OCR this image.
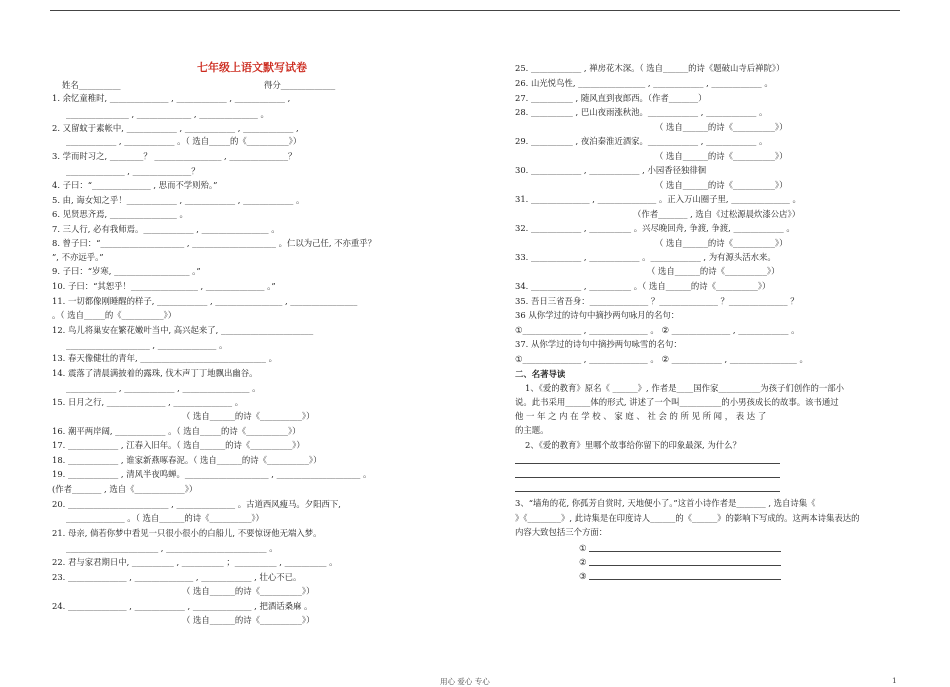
七年级上语文默写试卷
姓名__________	得分_____________
1. 余忆童稚时, ______________ , ____________ , ____________ ,
_______________ , _____________ , ______________ 。
2. 又留蚊于素帐中, ____________ , ____________ , ____________ ,
____________ , ____________ 。（ 选自_____的《__________》）
3. 学而时习之, ________？ ________________ , ______________？
______________ , ______________？
4. 子曰：“______________ , 思而不学则殆。”
5. 由, 诲女知之乎！____________ , ____________ , ____________ 。
6. 见贤思齐焉, ________________ 。
7. 三人行, 必有我师焉。____________ , ________________ 。
8. 曾子曰：“____________________ , ____________________ 。仁以为己任, 不亦重乎？
”, 不亦远乎。”
9. 子曰：“岁寒, __________________ 。”
10. 子曰：“其恕乎！________________ , ______________ 。”
11. 一切都像刚睡醒的样子, ____________ , ________________ , ________________
。（ 选自_____的《__________》）
12. 鸟儿将巢安在繁花嫩叶当中, 高兴起来了, ______________________
____________________ , ______________ 。
13. 春天像健壮的青年, ______________________________ 。
14. 震落了清晨满披着的露珠, 伐木声丁丁地飘出幽谷。
____________ , ____________ , ________________ 。
15. 日月之行, ______________ , ______________ 。
（ 选自______的诗《__________》）
16. 潮平两岸阔, ____________ 。（ 选自_____的诗《__________》）
17. ____________ , 江春入旧年。（ 选自______的诗《__________》）
18. ____________ , 谁家新燕啄春泥。（ 选自______的诗《__________》）
19. ____________ , 清风半夜鸣蝉。____________________ , ____________________ 。
(作者_______ , 选自《____________》）
20. ________________________ , ______________ 。古道西风瘦马。夕阳西下,
______________ 。（ 选自______的诗《__________》）
21. 母亲, 倘若你梦中看见一只很小很小的白船儿, 不要惊讶他无端入梦。
______________________ , ________________________ 。
22. 君与家君期日中, __________ , __________ ；__________ , __________ 。
23. ______________ , ______________ , ____________ , 壮心不已。
（ 选自______的诗《__________》）
24. ______________ , ____________ , ______________ , 把酒话桑麻 。
（ 选自______的诗《__________》）
25. ____________ , 禅房花木深。（ 选自______的诗《题破山寺后禅院》）
26. 山光悦鸟性, ________________ , ____________ , ____________ 。
27. __________ , 随风直到夜郎西。（作者_______）
28. __________ , 巴山夜雨涨秋池。____________ , ____________ 。
（ 选自______的诗《__________》）
29. __________ , 夜泊秦淮近酒家。____________ , ____________ 。
（ 选自______的诗《__________》）
30. ____________ , ____________ , 小园香径独徘徊
（ 选自______的诗《__________》）
31. ______________ , ______________ 。正入万山圈子里, ______________ 。
（作者_______ , 选自《过松源晨炊漆公店》）
32. ____________ , __________ 。兴尽晚回舟, 争渡, 争渡, ____________ 。
（ 选自______的诗《__________》）
33. ____________ , ____________ 。____________ , 为有源头活水来。
（ 选自______的诗《__________》）
34. ____________ , __________ 。（ 选自______的诗《__________》）
35. 吾日三省吾身：______________ ？______________ ？______________ ？
36 从你学过的诗句中摘抄两句咏月的名句：
①______________ , ______________ 。 ② ______________ , ____________ 。
37. 从你学过的诗句中摘抄两句咏雪的名句：
①______________ , ______________ 。 ② ____________ , ________________ 。
二、名著导读
1、《爱的教育》原名《 ______》, 作者是____国作家__________为孩子们创作的一部小
说。此书采用______体的形式, 讲述了一个叫__________的小男孩成长的故事。该书通过
他 一 年 之 内 在 学 校 、 家 庭 、 社 会 的 所 见 所 闻 ， 表 达 了
的主题。
2、《爱的教育》里哪个故事给你留下的印象最深, 为什么？
3、“墙角的花, 你孤芳自赏时, 天地便小了。”这首小诗作者是_______ , 选自诗集《
》《________》, 此诗集是在印度诗人______的《______》的影响下写成的。这两本诗集表达的
内容大致包括三个方面：
①
②
③
用心 爱心 专心	1
